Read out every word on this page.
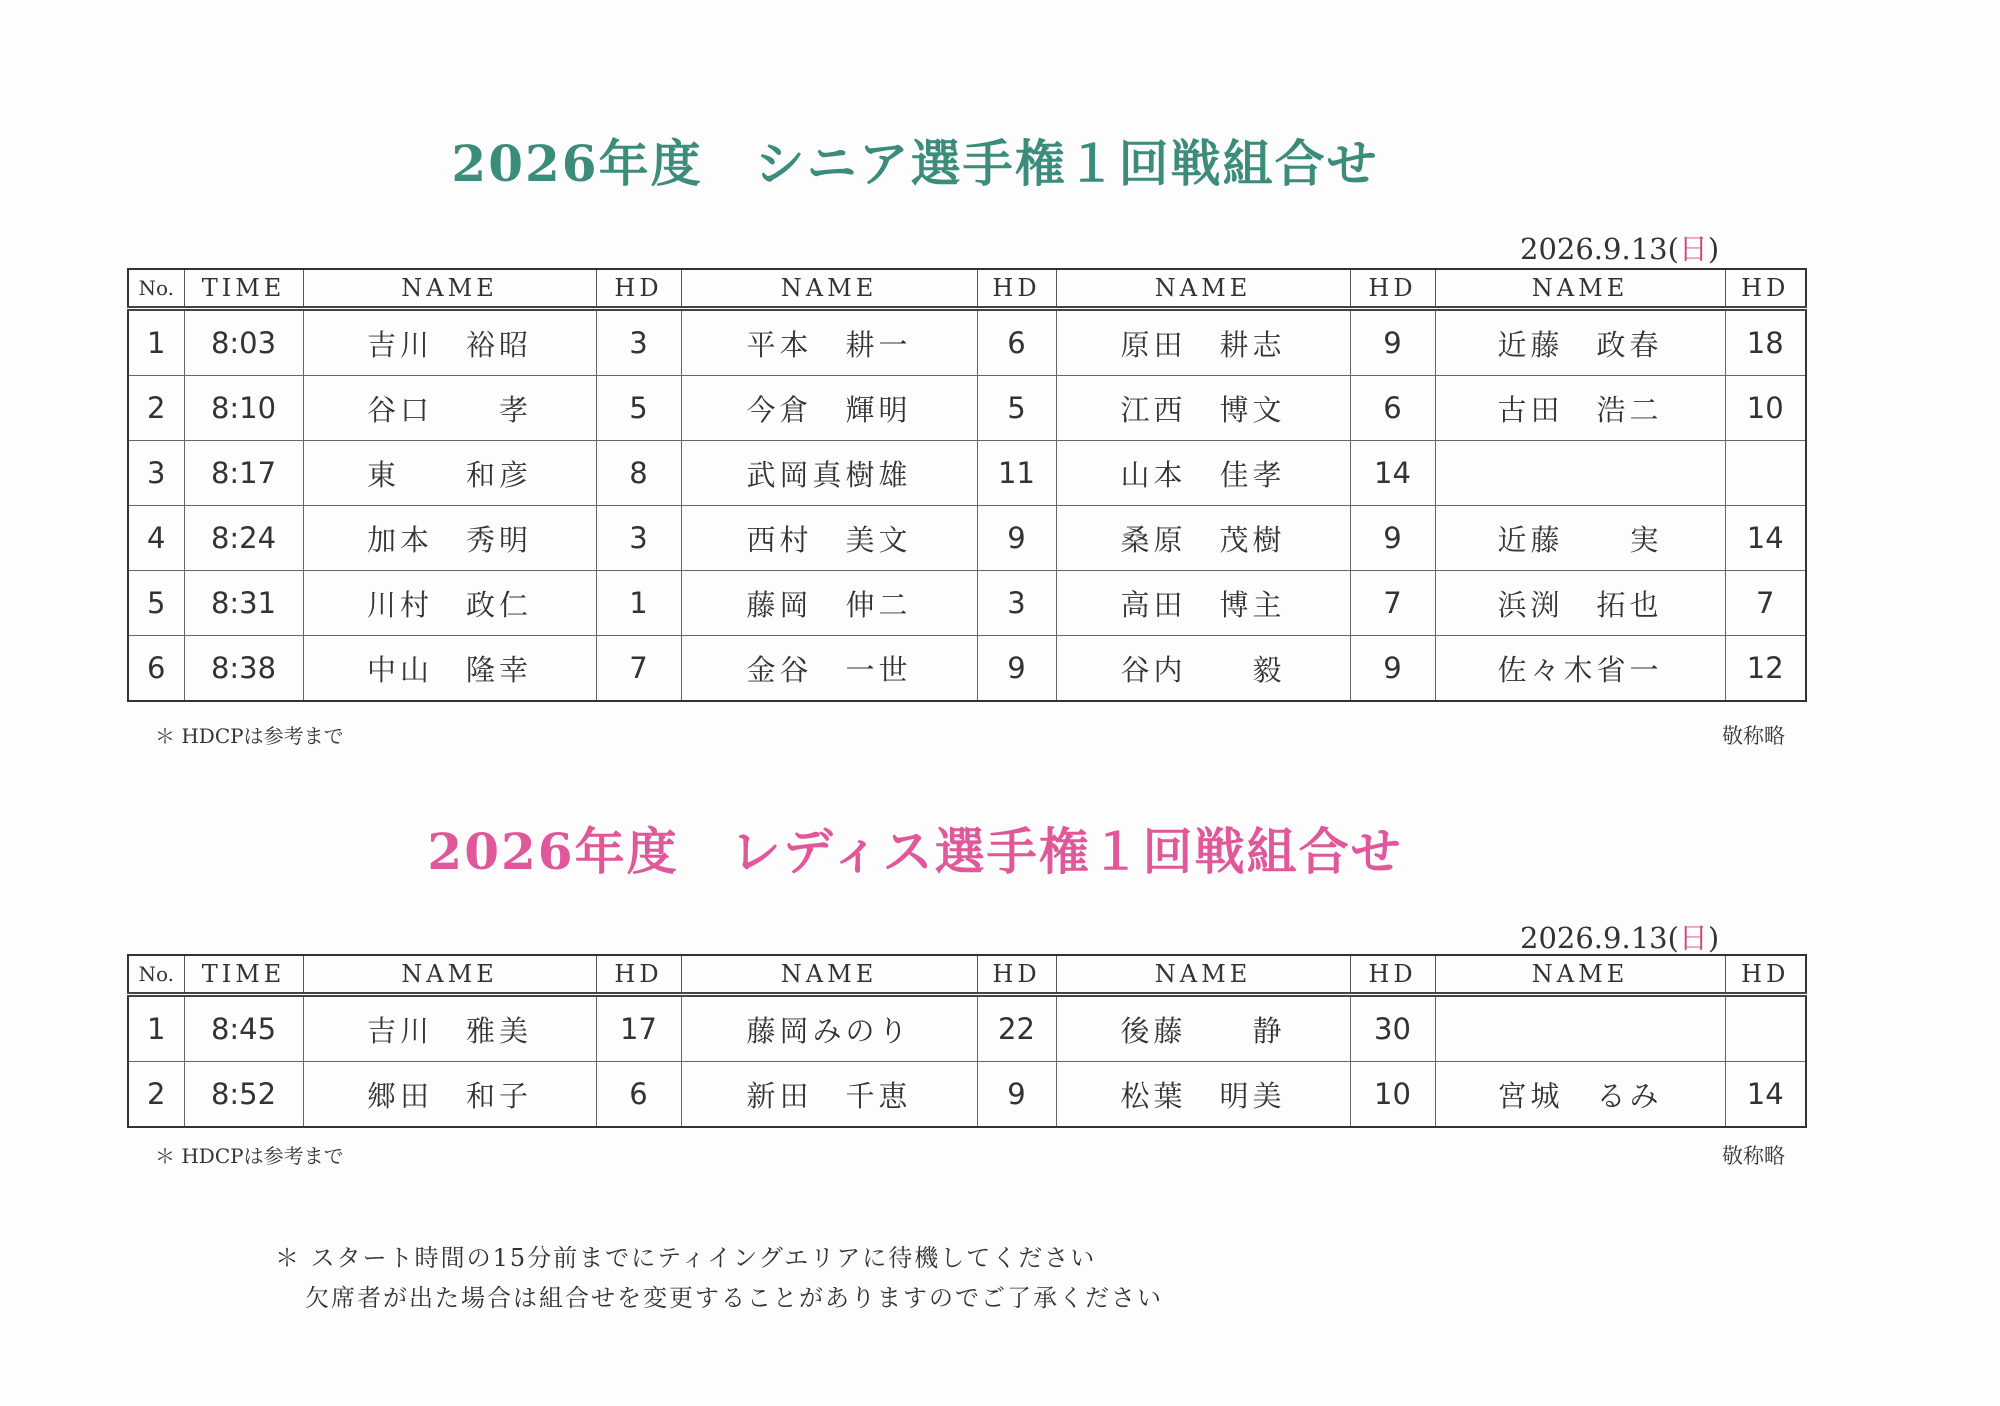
2026年度　シニア選手権１回戦組合せ
2026.9.13(日)
No.	TIME	NAME	HD	NAME	HD	NAME	HD	NAME	HD
1	8:03	吉川　裕昭	3	平本　耕一	6	原田　耕志	9	近藤　政春	18
2	8:10	谷口　　孝	5	今倉　輝明	5	江西　博文	6	古田　浩二	10
3	8:17	東　　和彦	8	武岡真樹雄	11	山本　佳孝	14		
4	8:24	加本　秀明	3	西村　美文	9	桑原　茂樹	9	近藤　　実	14
5	8:31	川村　政仁	1	藤岡　伸二	3	高田　博主	7	浜渕　拓也	7
6	8:38	中山　隆幸	7	金谷　一世	9	谷内　　毅	9	佐々木省一	12
＊ HDCPは参考まで	敬称略
2026年度　レディス選手権１回戦組合せ
2026.9.13(日)
No.	TIME	NAME	HD	NAME	HD	NAME	HD	NAME	HD
1	8:45	吉川　雅美	17	藤岡みのり	22	後藤　　静	30		
2	8:52	郷田　和子	6	新田　千恵	9	松葉　明美	10	宮城　るみ	14
＊ HDCPは参考まで	敬称略
＊ スタート時間の15分前までにティイングエリアに待機してください
欠席者が出た場合は組合せを変更することがありますのでご了承ください
